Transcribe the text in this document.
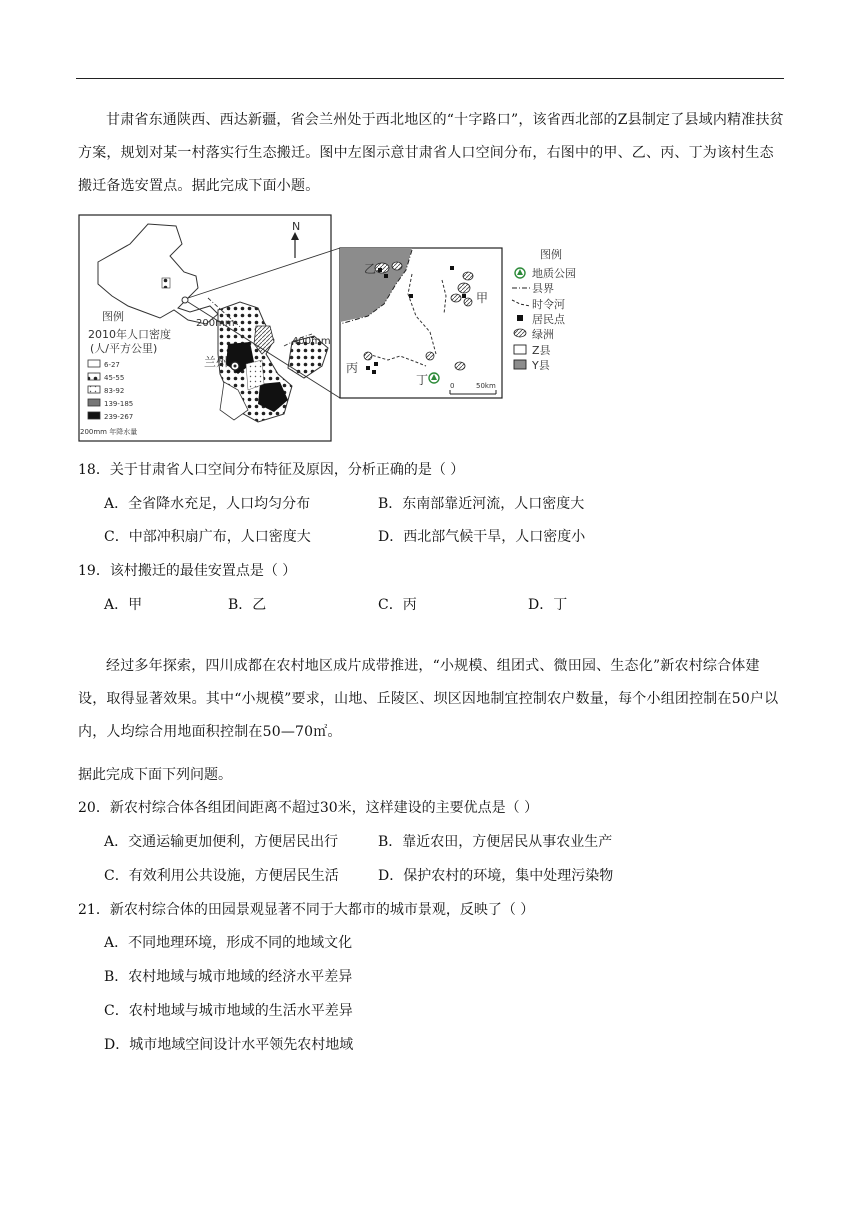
甘肃省东通陕西、西达新疆，省会兰州处于西北地区的“十字路口”，该省西北部的Z县制定了县域内精准扶贫方案，规划对某一村落实行生态搬迁。图中左图示意甘肃省人口空间分布，右图中的甲、乙、丙、丁为该村生态搬迁备选安置点。据此完成下面小题。
N
200mm
400mm
兰州
图例
2010年人口密度
(人/平方公里)
6-27
45-55
83-92
139-185
239-267
200mm 年降水量
乙
甲
丙
丁	0	50km
图例
地质公园
县界
时令河
居民点
绿洲
Z县
Y县
18．关于甘肃省人口空间分布特征及原因，分析正确的是（ ）
A．全省降水充足，人口均匀分布	B．东南部靠近河流，人口密度大
C．中部冲积扇广布，人口密度大	D．西北部气候干旱，人口密度小
19．该村搬迁的最佳安置点是（ ）
A．甲	B．乙	C．丙	D．丁
经过多年探索，四川成都在农村地区成片成带推进，“小规模、组团式、微田园、生态化”新农村综合体建设，取得显著效果。其中“小规模”要求，山地、丘陵区、坝区因地制宜控制农户数量，每个小组团控制在50户以内，人均综合用地面积控制在50—70㎡。
据此完成下面下列问题。
20．新农村综合体各组团间距离不超过30米，这样建设的主要优点是（ ）
A．交通运输更加便利，方便居民出行	B．靠近农田，方便居民从事农业生产
C．有效利用公共设施，方便居民生活	D．保护农村的环境，集中处理污染物
21．新农村综合体的田园景观显著不同于大都市的城市景观，反映了（ ）
A．不同地理环境，形成不同的地域文化
B．农村地域与城市地域的经济水平差异
C．农村地域与城市地域的生活水平差异
D．城市地域空间设计水平领先农村地域
